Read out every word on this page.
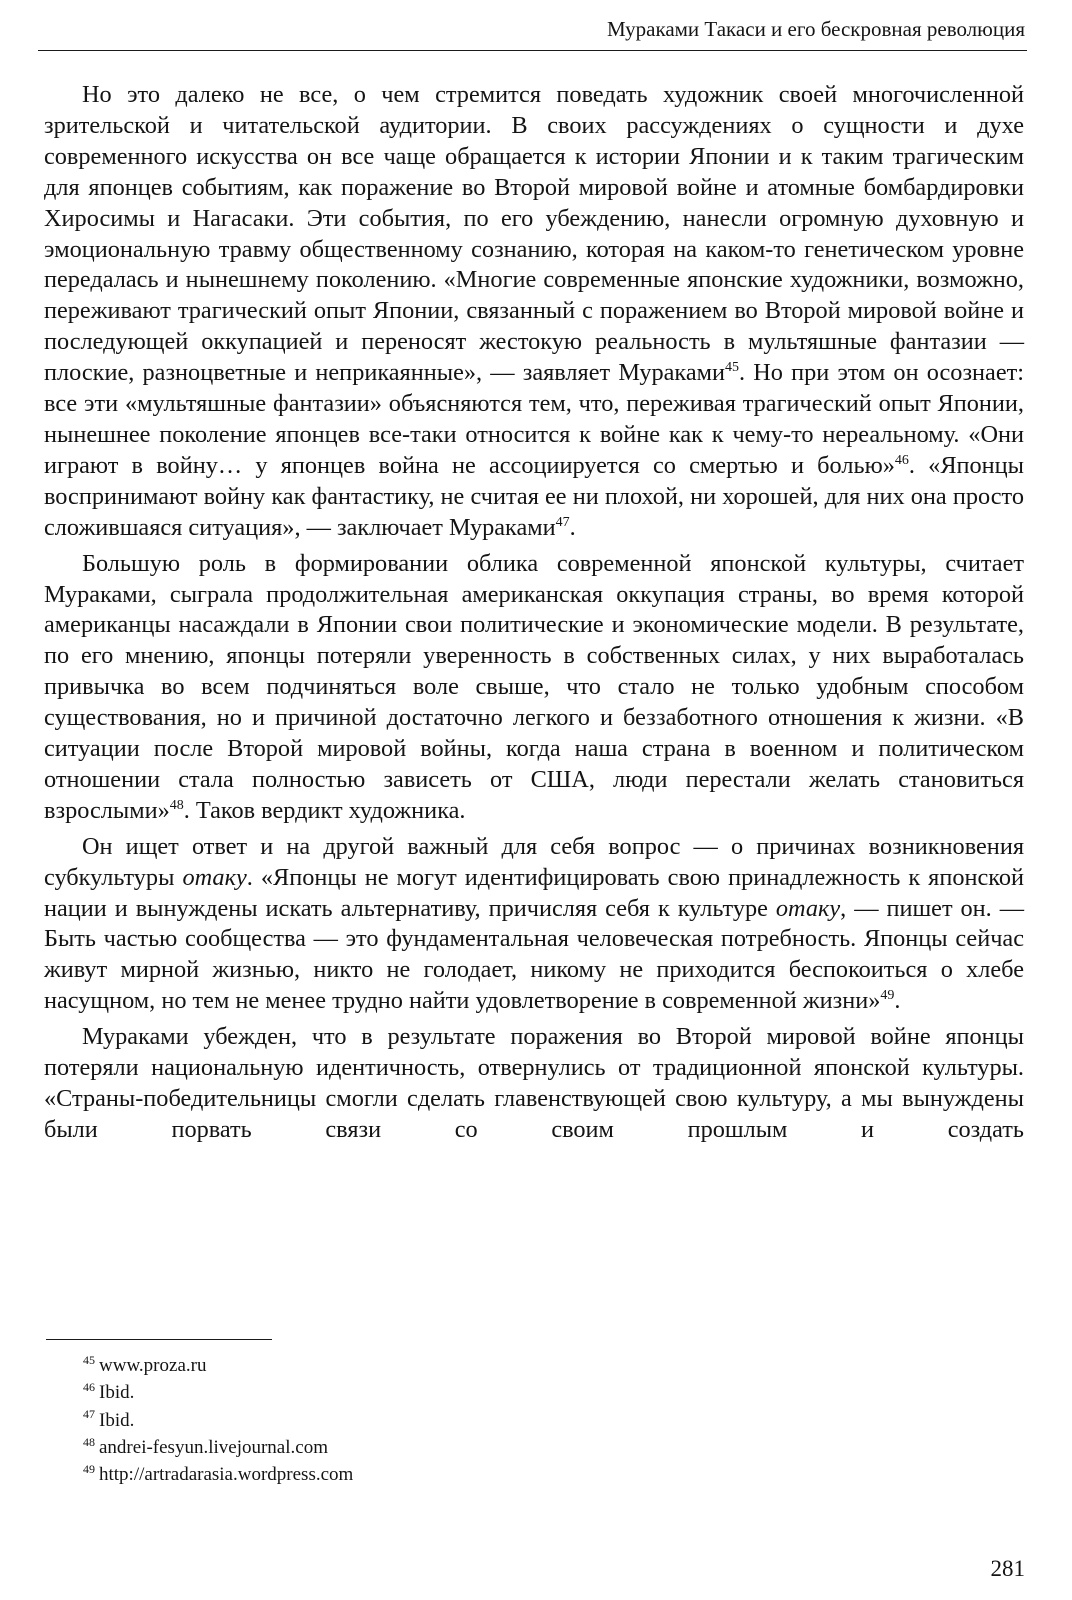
Мураками Такаси и его бескровная революция

Но это далеко не все, о чем стремится поведать художник своей многочисленной зрительской и читательской аудитории. В своих рассуждениях о сущности и духе современного искусства он все чаще обращается к истории Японии и к таким трагическим для японцев событиям, как поражение во Второй мировой войне и атомные бомбардировки Хиросимы и Нагасаки. Эти события, по его убеждению, нанесли огромную духовную и эмоциональную травму общественному сознанию, которая на каком-то генетическом уровне передалась и нынешнему поколению. «Многие современные японские художники, возможно, переживают трагический опыт Японии, связанный с поражением во Второй мировой войне и последующей оккупацией и переносят жестокую реальность в мультяшные фантазии — плоские, разноцветные и неприкаянные», — заявляет Мураками$^{45}$. Но при этом он осознает: все эти «мультяшные фантазии» объясняются тем, что, переживая трагический опыт Японии, нынешнее поколение японцев все-таки относится к войне как к чему-то нереальному. «Они играют в войну… у японцев война не ассоциируется со смертью и болью»$^{46}$. «Японцы воспринимают войну как фантастику, не считая ее ни плохой, ни хорошей, для них она просто сложившаяся ситуация», — заключает Мураками$^{47}$.

Большую роль в формировании облика современной японской культуры, считает Мураками, сыграла продолжительная американская оккупация страны, во время которой американцы насаждали в Японии свои политические и экономические модели. В результате, по его мнению, японцы потеряли уверенность в собственных силах, у них выработалась привычка во всем подчиняться воле свыше, что стало не только удобным способом существования, но и причиной достаточно легкого и беззаботного отношения к жизни. «В ситуации после Второй мировой войны, когда наша страна в военном и политическом отношении стала полностью зависеть от США, люди перестали желать становиться взрослыми»$^{48}$. Таков вердикт художника.

Он ищет ответ и на другой важный для себя вопрос — о причинах возникновения субкультуры отаку. «Японцы не могут идентифицировать свою принадлежность к японской нации и вынуждены искать альтернативу, причисляя себя к культуре отаку, — пишет он. — Быть частью сообщества — это фундаментальная человеческая потребность. Японцы сейчас живут мирной жизнью, никто не голодает, никому не приходится беспокоиться о хлебе насущном, но тем не менее трудно найти удовлетворение в современной жизни»$^{49}$.

Мураками убежден, что в результате поражения во Второй мировой войне японцы потеряли национальную идентичность, отвернулись от традиционной японской культуры. «Страны-победительницы смогли сделать главенствующей свою культуру, а мы вынуждены были порвать связи со своим прошлым и создать

$^{45}$ www.proza.ru
$^{46}$ Ibid.
$^{47}$ Ibid.
$^{48}$ andrei-fesyun.livejournal.com
$^{49}$ http://artradarasia.wordpress.com
281
